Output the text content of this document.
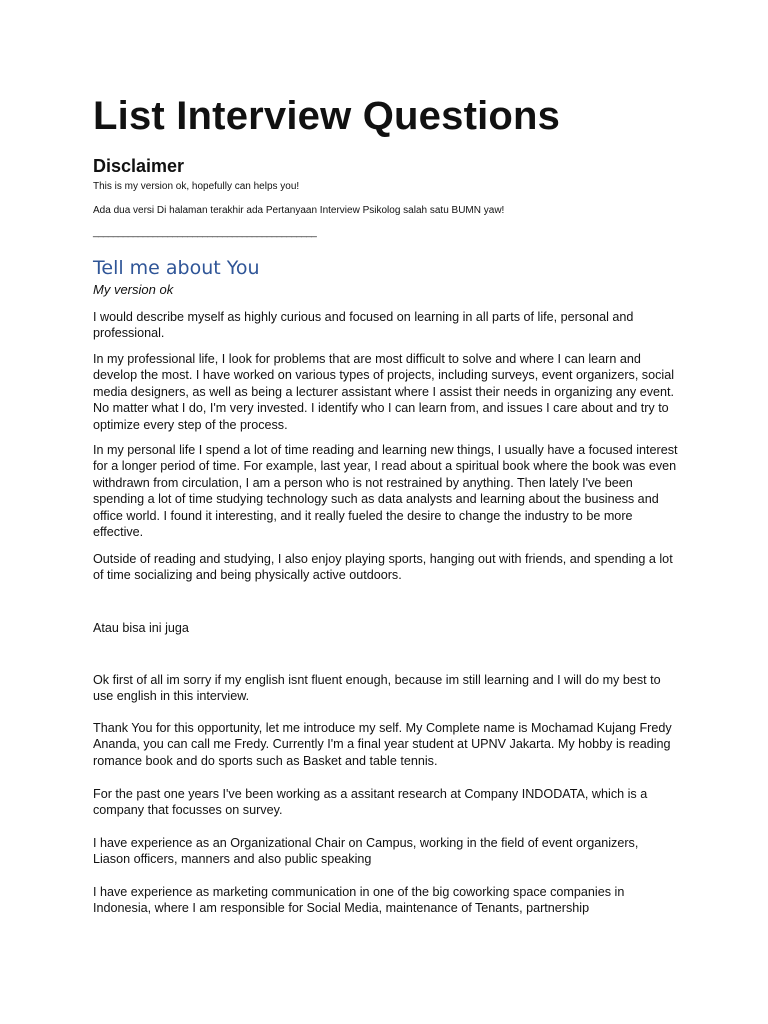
List Interview Questions
Disclaimer

This is my version ok, hopefully can helps you!

Ada dua versi Di halaman terakhir ada Pertanyaan Interview Psikolog salah satu BUMN yaw!

_____________________________________________

Tell me about You

My version ok

I would describe myself as highly curious and focused on learning in all parts of life, personal and professional.

In my professional life, I look for problems that are most difficult to solve and where I can learn and develop the most. I have worked on various types of projects, including surveys, event organizers, social media designers, as well as being a lecturer assistant where I assist their needs in organizing any event. No matter what I do, I'm very invested. I identify who I can learn from, and issues I care about and try to optimize every step of the process.

In my personal life I spend a lot of time reading and learning new things, I usually have a focused interest for a longer period of time. For example, last year, I read about a spiritual book where the book was even withdrawn from circulation, I am a person who is not restrained by anything. Then lately I've been spending a lot of time studying technology such as data analysts and learning about the business and office world. I found it interesting, and it really fueled the desire to change the industry to be more effective.

Outside of reading and studying, I also enjoy playing sports, hanging out with friends, and spending a lot of time socializing and being physically active outdoors.

Atau bisa ini juga

Ok first of all im sorry if my english isnt fluent enough, because im still learning and I will do my best to use english in this interview.

Thank You for this opportunity, let me introduce my self. My Complete name is Mochamad Kujang Fredy Ananda, you can call me Fredy. Currently I'm a final year student at UPNV Jakarta. My hobby is reading romance book and do sports such as Basket and table tennis.

For the past one years I've been working as a assitant research at Company INDODATA, which is a company that focusses on survey.

I have experience as an Organizational Chair on Campus, working in the field of event organizers, Liason officers, manners and also public speaking

I have experience as marketing communication in one of the big coworking space companies in Indonesia, where I am responsible for Social Media, maintenance of Tenants, partnership
